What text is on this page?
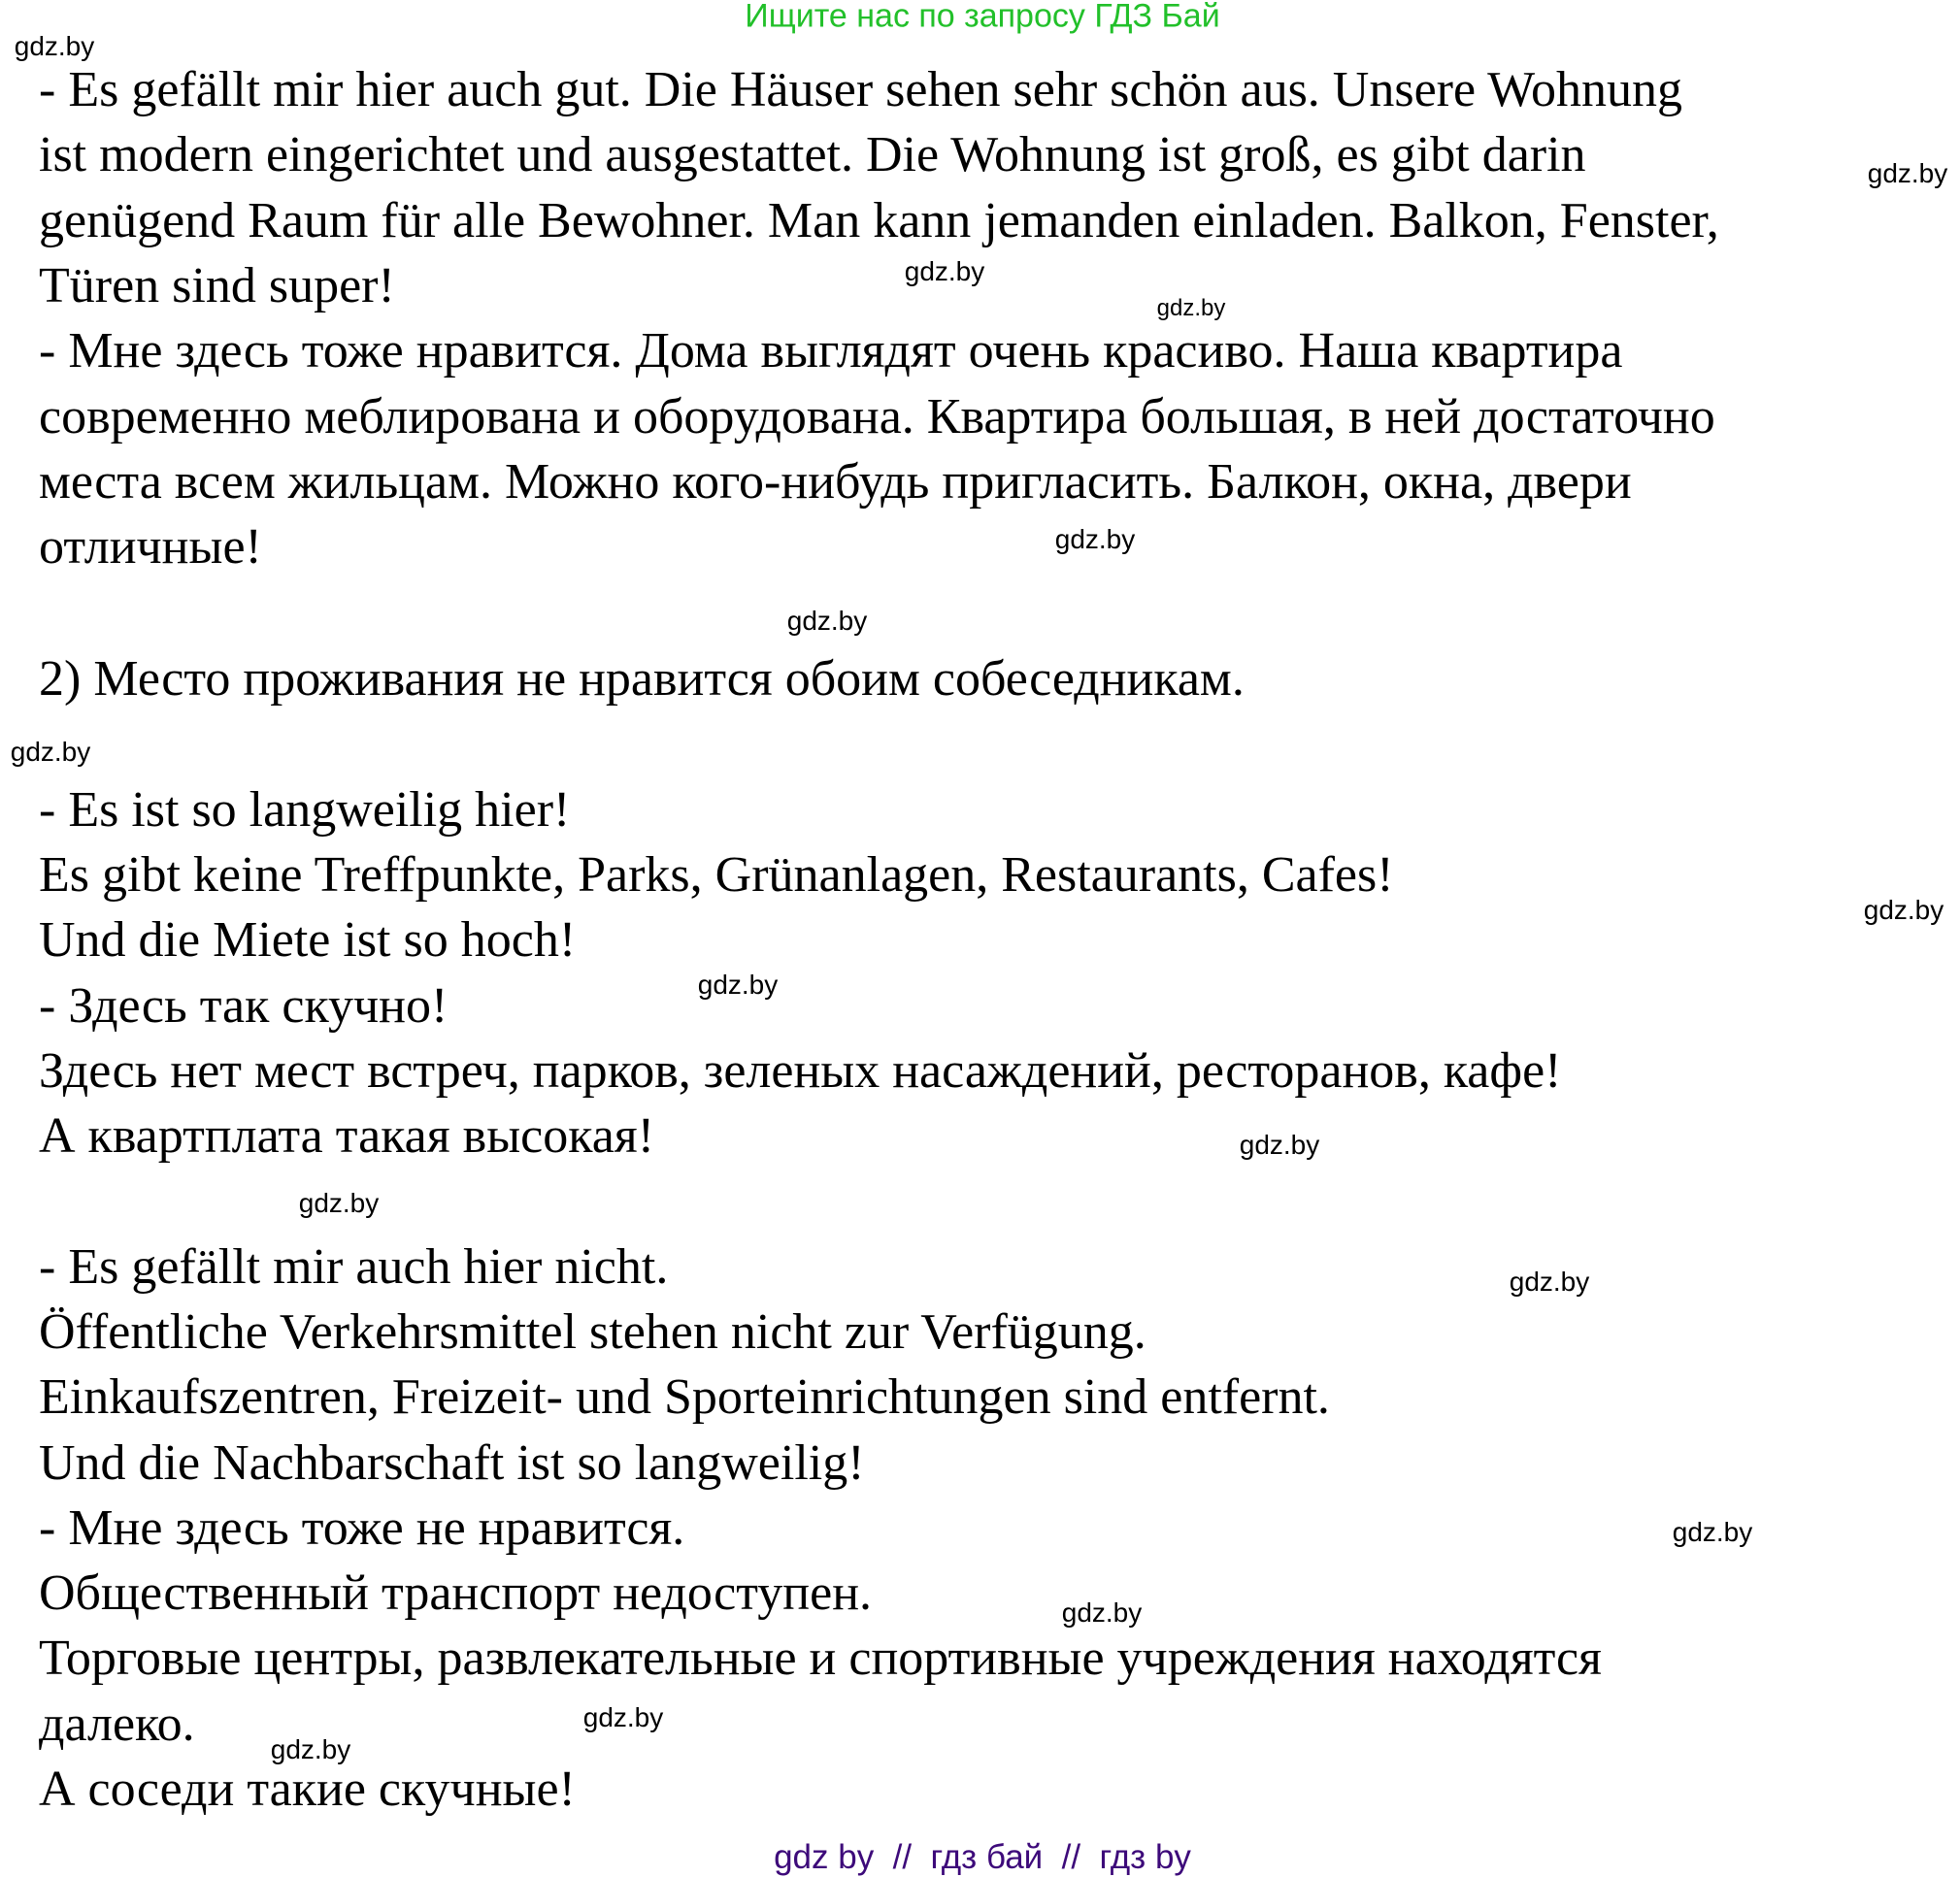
Ищите нас по запросу ГДЗ Бай
- Es gefällt mir hier auch gut. Die Häuser sehen sehr schön aus. Unsere Wohnung
ist modern eingerichtet und ausgestattet. Die Wohnung ist groß, es gibt darin
genügend Raum für alle Bewohner. Man kann jemanden einladen. Balkon, Fenster,
Türen sind super!
- Мне здесь тоже нравится. Дома выглядят очень красиво. Наша квартира
современно меблирована и оборудована. Квартира большая, в ней достаточно
места всем жильцам. Можно кого-нибудь пригласить. Балкон, окна, двери
отличные!
2) Место проживания не нравится обоим собеседникам.
- Es ist so langweilig hier!
Es gibt keine Treffpunkte, Parks, Grünanlagen, Restaurants, Cafes!
Und die Miete ist so hoch!
- Здесь так скучно!
Здесь нет мест встреч, парков, зеленых насаждений, ресторанов, кафе!
А квартплата такая высокая!
- Es gefällt mir auch hier nicht.
Öffentliche Verkehrsmittel stehen nicht zur Verfügung.
Einkaufszentren, Freizeit- und Sporteinrichtungen sind entfernt.
Und die Nachbarschaft ist so langweilig!
- Мне здесь тоже не нравится.
Общественный транспорт недоступен.
Торговые центры, развлекательные и спортивные учреждения находятся
далеко.
А соседи такие скучные!
gdz.by
gdz.by
gdz.by
gdz.by
gdz.by
gdz.by
gdz.by
gdz.by
gdz.by
gdz.by
gdz.by
gdz.by
gdz.by
gdz.by
gdz.by
gdz.by
gdz by  //  гдз бай  //  гдз by
